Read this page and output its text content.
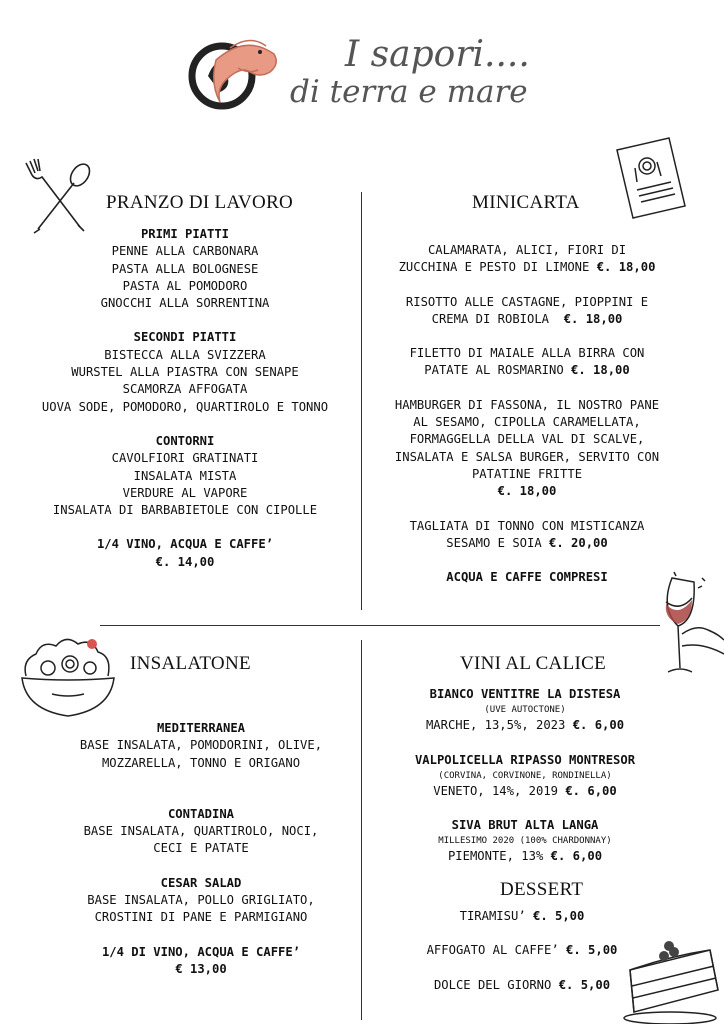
I sapori....
di terra e mare
PRANZO DI LAVORO
PRIMI PIATTI
PENNE ALLA CARBONARA
PASTA ALLA BOLOGNESE
PASTA AL POMODORO
GNOCCHI ALLA SORRENTINA
SECONDI PIATTI
BISTECCA ALLA SVIZZERA
WURSTEL ALLA PIASTRA CON SENAPE
SCAMORZA AFFOGATA
UOVA SODE, POMODORO, QUARTIROLO E TONNO
CONTORNI
CAVOLFIORI GRATINATI
INSALATA MISTA
VERDURE AL VAPORE
INSALATA DI BARBABIETOLE CON CIPOLLE
1/4 VINO, ACQUA E CAFFE’
€. 14,00
MINICARTA
CALAMARATA, ALICI, FIORI DI
ZUCCHINA E PESTO DI LIMONE €. 18,00
RISOTTO ALLE CASTAGNE, PIOPPINI E
CREMA DI ROBIOLA  €. 18,00
FILETTO DI MAIALE ALLA BIRRA CON
PATATE AL ROSMARINO €. 18,00
HAMBURGER DI FASSONA, IL NOSTRO PANE
AL SESAMO, CIPOLLA CARAMELLATA,
FORMAGGELLA DELLA VAL DI SCALVE,
INSALATA E SALSA BURGER, SERVITO CON
PATATINE FRITTE
€. 18,00
TAGLIATA DI TONNO CON MISTICANZA
SESAMO E SOIA €. 20,00
ACQUA E CAFFE COMPRESI
INSALATONE
MEDITERRANEA
BASE INSALATA, POMODORINI, OLIVE,
MOZZARELLA, TONNO E ORIGANO
CONTADINA
BASE INSALATA, QUARTIROLO, NOCI,
CECI E PATATE
CESAR SALAD
BASE INSALATA, POLLO GRIGLIATO,
CROSTINI DI PANE E PARMIGIANO
1/4 DI VINO, ACQUA E CAFFE’
€ 13,00
VINI AL CALICE
BIANCO VENTITRE LA DISTESA
(UVE AUTOCTONE)
MARCHE, 13,5%, 2023 €. 6,00
VALPOLICELLA RIPASSO MONTRESOR
(CORVINA, CORVINONE, RONDINELLA)
VENETO, 14%, 2019 €. 6,00
SIVA BRUT ALTA LANGA
MILLESIMO 2020 (100% CHARDONNAY)
PIEMONTE, 13% €. 6,00
DESSERT
TIRAMISU’ €. 5,00
AFFOGATO AL CAFFE’ €. 5,00
DOLCE DEL GIORNO €. 5,00
